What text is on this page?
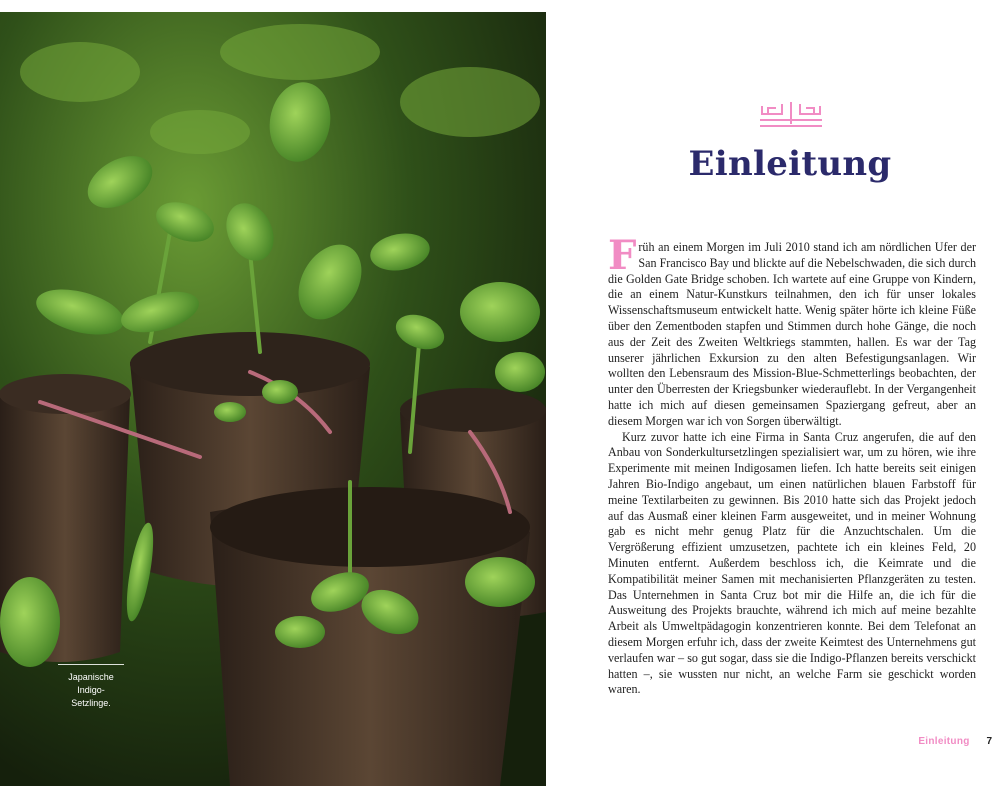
Japanische
Indigo-
Setzlinge.
Einleitung

Früh an einem Morgen im Juli 2010 stand ich am nördlichen Ufer der San Francisco Bay und blickte auf die Nebelschwaden, die sich durch die Golden Gate Bridge schoben. Ich wartete auf eine Gruppe von Kindern, die an einem Natur-Kunstkurs teilnahmen, den ich für unser lokales Wissenschaftsmuseum entwickelt hatte. Wenig später hörte ich kleine Füße über den Zementboden stapfen und Stimmen durch hohe Gänge, die noch aus der Zeit des Zweiten Weltkriegs stammten, hallen. Es war der Tag unserer jährlichen Exkursion zu den alten Befestigungsanlagen. Wir wollten den Lebensraum des Mission-Blue-Schmetterlings beobachten, der unter den Überresten der Kriegsbunker wiederauflebt. In der Vergangenheit hatte ich mich auf diesen gemeinsamen Spaziergang gefreut, aber an diesem Morgen war ich von Sorgen überwältigt.

Kurz zuvor hatte ich eine Firma in Santa Cruz angerufen, die auf den Anbau von Sonderkultursetzlingen spezialisiert war, um zu hören, wie ihre Experimente mit meinen Indigosamen liefen. Ich hatte bereits seit einigen Jahren Bio-Indigo angebaut, um einen natürlichen blauen Farbstoff für meine Textilarbeiten zu gewinnen. Bis 2010 hatte sich das Projekt jedoch auf das Ausmaß einer kleinen Farm ausgeweitet, und in meiner Wohnung gab es nicht mehr genug Platz für die Anzuchtschalen. Um die Vergrößerung effizient umzusetzen, pachtete ich ein kleines Feld, 20 Minuten entfernt. Außerdem beschloss ich, die Keimrate und die Kompatibilität meiner Samen mit mechanisierten Pflanzgeräten zu testen. Das Unternehmen in Santa Cruz bot mir die Hilfe an, die ich für die Ausweitung des Projekts brauchte, während ich mich auf meine bezahlte Arbeit als Umweltpädagogin konzentrieren konnte. Bei dem Telefonat an diesem Morgen erfuhr ich, dass der zweite Keimtest des Unternehmens gut verlaufen war – so gut sogar, dass sie die Indigo-Pflanzen bereits verschickt hatten –, sie wussten nur nicht, an welche Farm sie geschickt worden waren.

Einleitung 7
